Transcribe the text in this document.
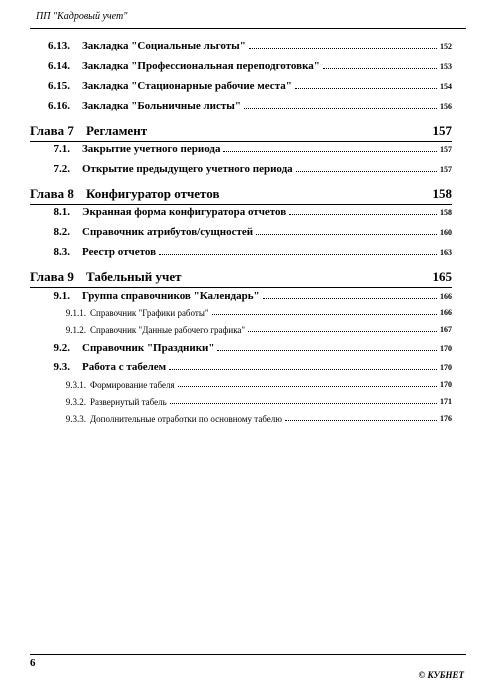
ПП "Кадровый учет"
6.13.	Закладка "Социальные льготы"	152
6.14.	Закладка "Профессиональная переподготовка"	153
6.15.	Закладка "Стационарные рабочие места"	154
6.16.	Закладка "Больничные листы"	156
Глава 7 Регламент	157
7.1.	Закрытие учетного периода	157
7.2.	Открытие предыдущего учетного периода	157
Глава 8 Конфигуратор отчетов	158
8.1.	Экранная форма конфигуратора отчетов	158
8.2.	Справочник атрибутов/сущностей	160
8.3.	Реестр отчетов	163
Глава 9 Табельный учет	165
9.1.	Группа справочников "Календарь"	166
9.1.1. Справочник "Графики работы"	166
9.1.2. Справочник "Данные рабочего графика"	167
9.2.	Справочник "Праздники"	170
9.3.	Работа с табелем	170
9.3.1. Формирование табеля	170
9.3.2. Развернутый табель	171
9.3.3. Дополнительные отработки по основному табелю	176
6
© КУБНЕТ
